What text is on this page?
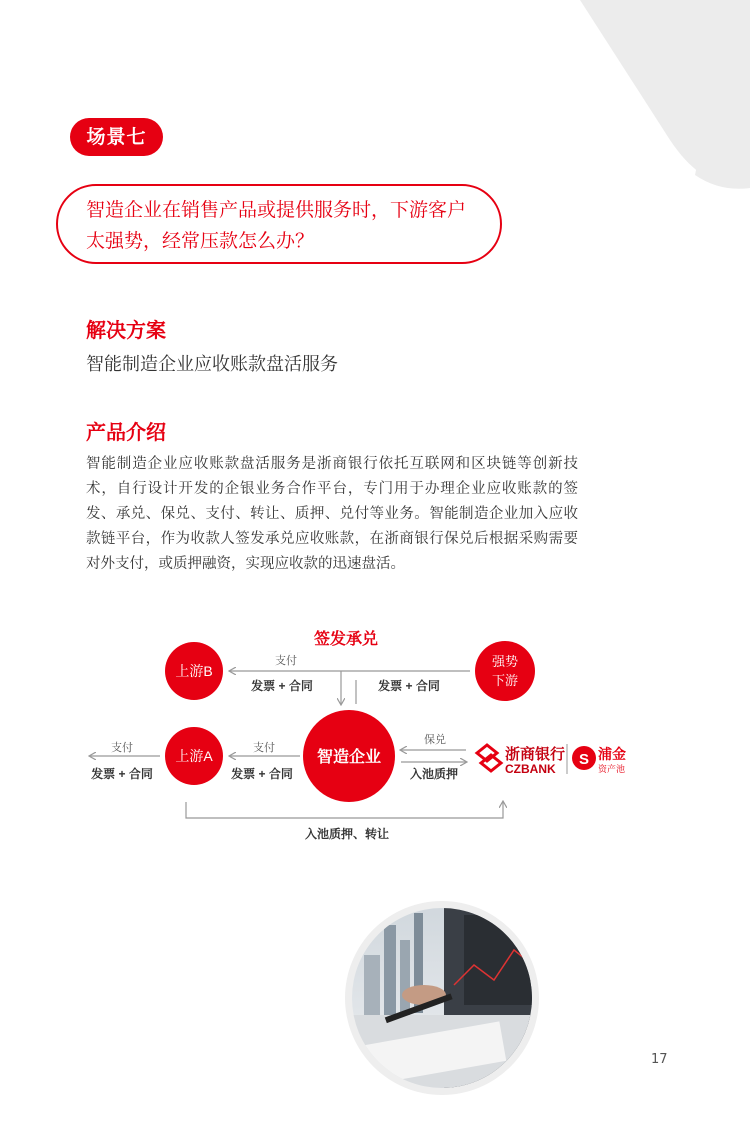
场景七

智造企业在销售产品或提供服务时，下游客户

太强势，经常压款怎么办？

解决方案

智能制造企业应收账款盘活服务

产品介绍

智能制造企业应收账款盘活服务是浙商银行依托互联网和区块链等创新技术，自行设计开发的企银业务合作平台，专门用于办理企业应收账款的签发、承兑、保兑、支付、转让、质押、兑付等业务。智能制造企业加入应收款链平台，作为收款人签发承兑应收账款，在浙商银行保兑后根据采购需要对外支付，或质押融资，实现应收款的迅速盘活。

签发承兑
上游B
上游A	智造企业
强势
下游
支付
发票 + 合同	发票 + 合同
支付
发票 + 合同
支付
发票 + 合同
保兑
入池质押
入池质押、转让
浙商银行
CZBANK
S 浦金
资产池
17
